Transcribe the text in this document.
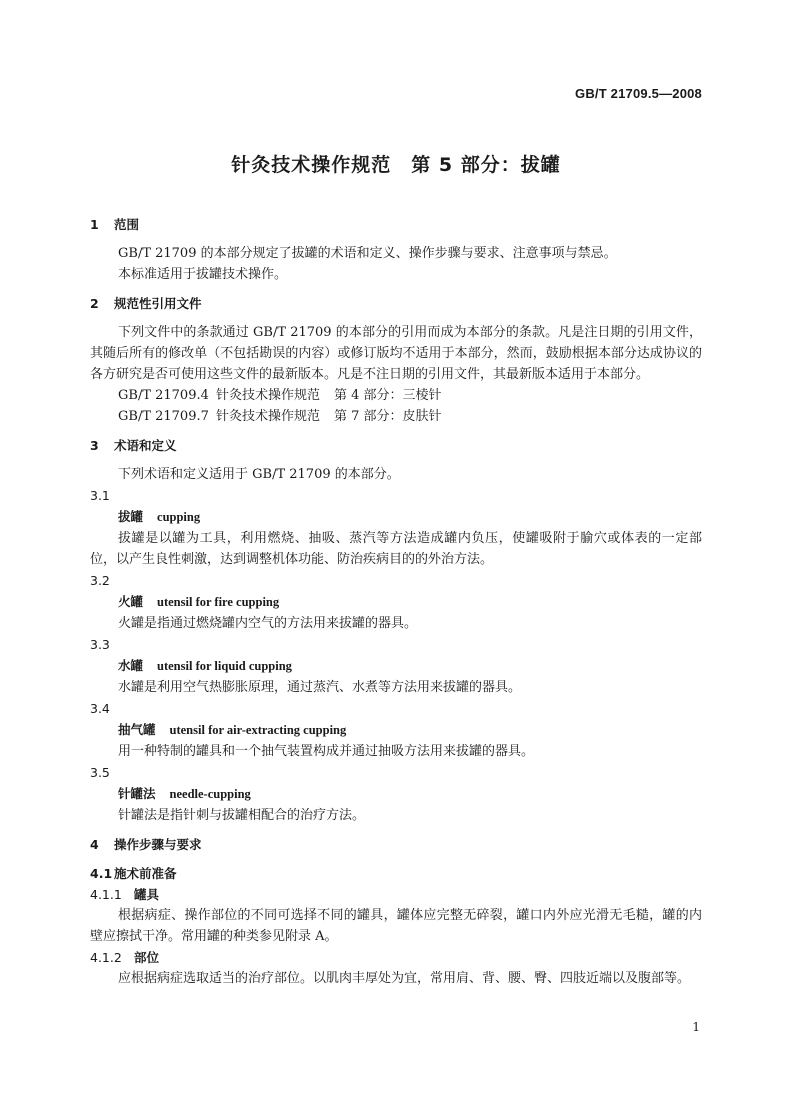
GB/T 21709.5—2008
针灸技术操作规范　第 5 部分：拔罐

1 范围

GB/T 21709 的本部分规定了拔罐的术语和定义、操作步骤与要求、注意事项与禁忌。

本标准适用于拔罐技术操作。

2 规范性引用文件

下列文件中的条款通过 GB/T 21709 的本部分的引用而成为本部分的条款。凡是注日期的引用文件，其随后所有的修改单（不包括勘误的内容）或修订版均不适用于本部分，然而，鼓励根据本部分达成协议的各方研究是否可使用这些文件的最新版本。凡是不注日期的引用文件，其最新版本适用于本部分。

GB/T 21709.4 针灸技术操作规范 第 4 部分：三棱针

GB/T 21709.7 针灸技术操作规范 第 7 部分：皮肤针

3 术语和定义

下列术语和定义适用于 GB/T 21709 的本部分。

3.1

拔罐 cupping

拔罐是以罐为工具，利用燃烧、抽吸、蒸汽等方法造成罐内负压，使罐吸附于腧穴或体表的一定部位，以产生良性刺激，达到调整机体功能、防治疾病目的的外治方法。

3.2

火罐 utensil for fire cupping

火罐是指通过燃烧罐内空气的方法用来拔罐的器具。

3.3

水罐 utensil for liquid cupping

水罐是利用空气热膨胀原理，通过蒸汽、水煮等方法用来拔罐的器具。

3.4

抽气罐 utensil for air-extracting cupping

用一种特制的罐具和一个抽气装置构成并通过抽吸方法用来拔罐的器具。

3.5

针罐法 needle-cupping

针罐法是指针刺与拔罐相配合的治疗方法。

4 操作步骤与要求

4.1 施术前准备

4.1.1 罐具

根据病症、操作部位的不同可选择不同的罐具，罐体应完整无碎裂，罐口内外应光滑无毛糙，罐的内壁应擦拭干净。常用罐的种类参见附录 A。

4.1.2 部位

应根据病症选取适当的治疗部位。以肌肉丰厚处为宜，常用肩、背、腰、臀、四肢近端以及腹部等。

1
